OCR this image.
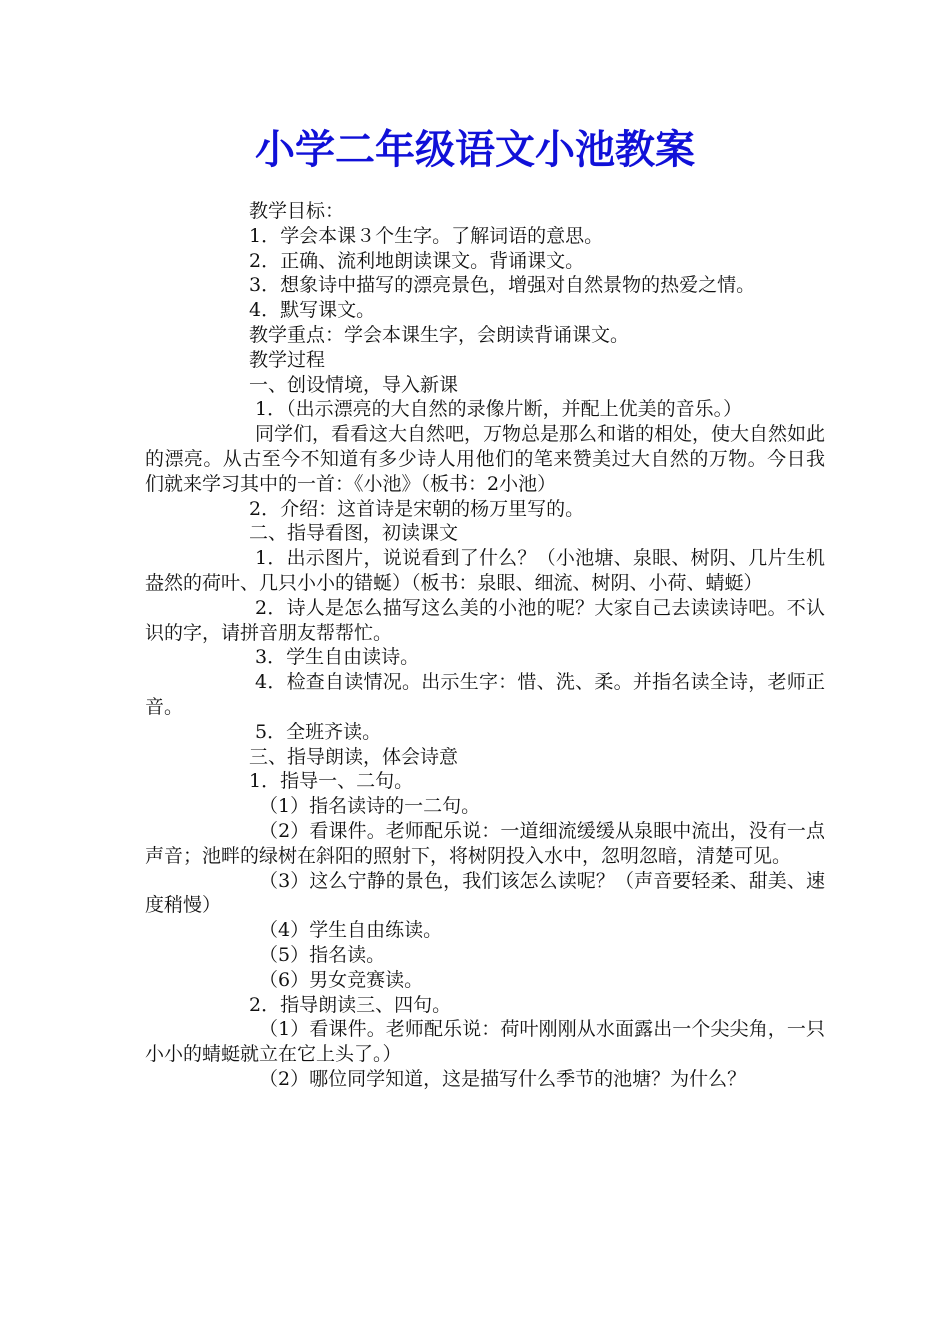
小学二年级语文小池教案

教学目标：

1．学会本课３个生字。了解词语的意思。

2．正确、流利地朗读课文。背诵课文。

3．想象诗中描写的漂亮景色，增强对自然景物的热爱之情。

4．默写课文。

教学重点：学会本课生字，会朗读背诵课文。

教学过程

一、创设情境，导入新课

1．（出示漂亮的大自然的录像片断，并配上优美的音乐。）

同学们，看看这大自然吧，万物总是那么和谐的相处，使大自然如此的漂亮。从古至今不知道有多少诗人用他们的笔来赞美过大自然的万物。今日我们就来学习其中的一首：《小池》（板书：2小池）

2．介绍：这首诗是宋朝的杨万里写的。

二、指导看图，初读课文

1．出示图片，说说看到了什么？（小池塘、泉眼、树阴、几片生机盎然的荷叶、几只小小的错蜒）（板书：泉眼、细流、树阴、小荷、蜻蜓）

2．诗人是怎么描写这么美的小池的呢？大家自己去读读诗吧。不认识的字，请拼音朋友帮帮忙。

3．学生自由读诗。

4．检查自读情况。出示生字：惜、洗、柔。并指名读全诗，老师正音。

5．全班齐读。

三、指导朗读，体会诗意

1．指导一、二句。

（1）指名读诗的一二句。

（2）看课件。老师配乐说：一道细流缓缓从泉眼中流出，没有一点声音；池畔的绿树在斜阳的照射下，将树阴投入水中，忽明忽暗，清楚可见。

（3）这么宁静的景色，我们该怎么读呢？（声音要轻柔、甜美、速度稍慢）

（4）学生自由练读。

（5）指名读。

（6）男女竞赛读。

2．指导朗读三、四句。

（1）看课件。老师配乐说：荷叶刚刚从水面露出一个尖尖角，一只小小的蜻蜓就立在它上头了。）

（2）哪位同学知道，这是描写什么季节的池塘？为什么？
